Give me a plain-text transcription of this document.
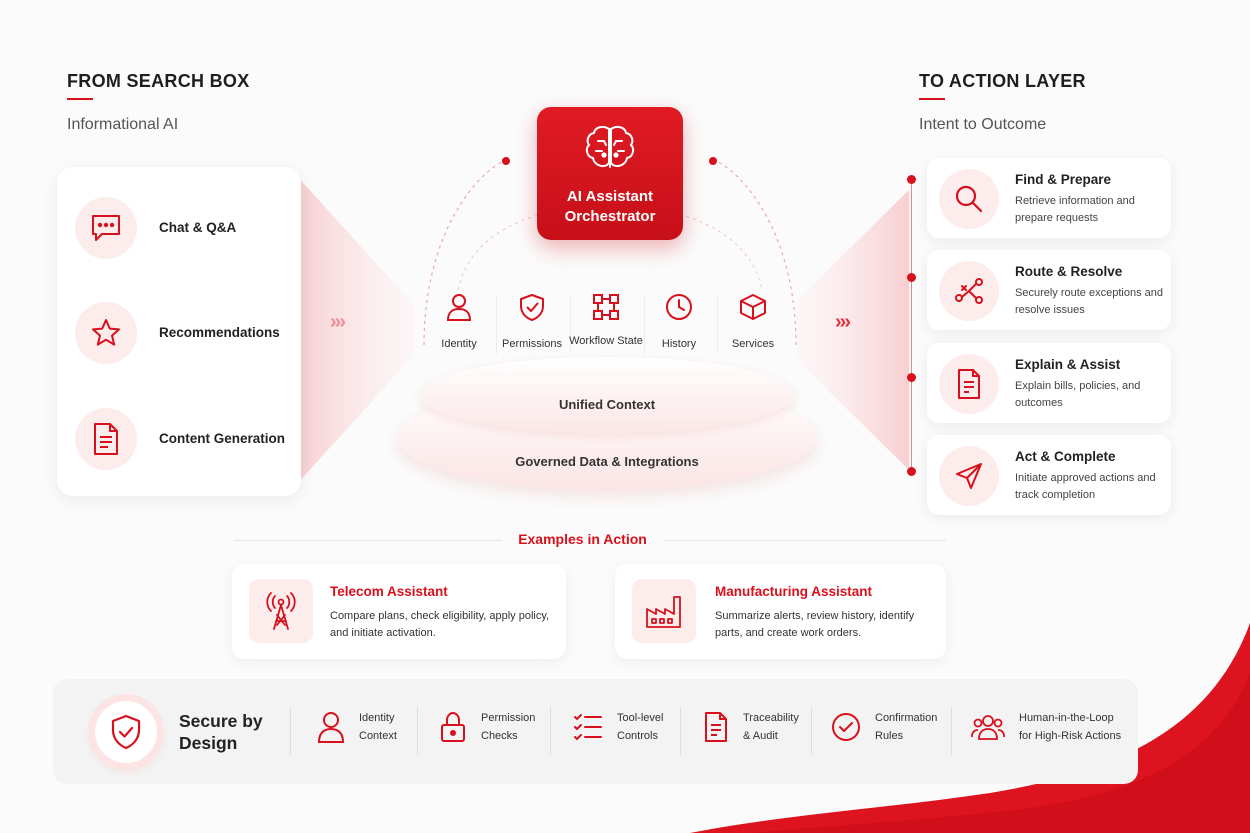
FROM SEARCH BOX
Informational AI
TO ACTION LAYER
Intent to Outcome
›››	›››
Chat & Q&A
Recommendations
Content Generation
AI Assistant Orchestrator
Governed Data & Integrations
Unified Context
Identity	Permissions Workflow State	History	Services
Find & Prepare
Retrieve information and prepare requests
Route & Resolve
Securely route exceptions and resolve issues
Explain & Assist
Explain bills, policies, and outcomes
Act & Complete
Initiate approved actions and track completion
Examples in Action
Telecom Assistant
Compare plans, check eligibility, apply policy, and initiate activation.
Manufacturing Assistant
Summarize alerts, review history, identify parts, and create work orders.
Secure by Design
Identity
Context
Permission
Checks
Tool-level
Controls
Traceability
& Audit
Confirmation
Rules
Human-in-the-Loop
for High-Risk Actions
